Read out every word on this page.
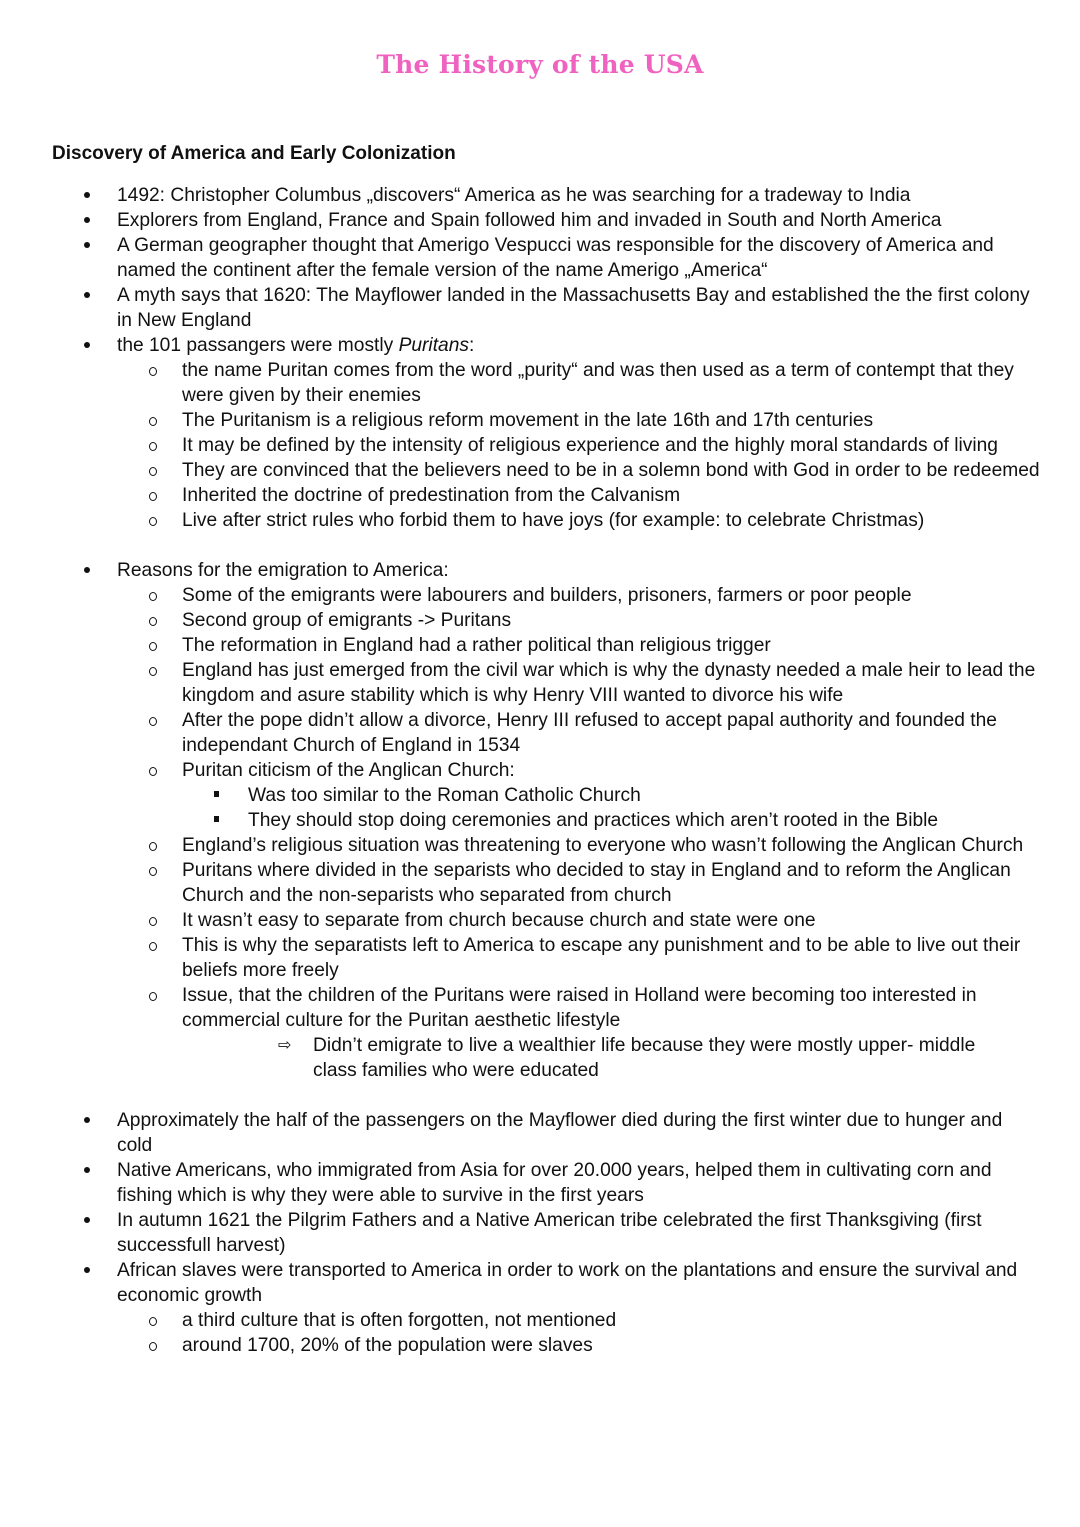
The History of the USA
Discovery of America and Early Colonization
1492: Christopher Columbus „discovers“ America as he was searching for a tradeway to India
Explorers from England, France and Spain followed him and invaded in South and North America
A German geographer thought that Amerigo Vespucci was responsible for the discovery of America and named the continent after the female version of the name Amerigo „America“
A myth says that 1620: The Mayflower landed in the Massachusetts Bay and established the the first colony in New England
the 101 passangers were mostly Puritans:
the name Puritan comes from the word „purity“ and was then used as a term of contempt that they were given by their enemies
The Puritanism is a religious reform movement in the late 16th and 17th centuries
It may be defined by the intensity of religious experience and the highly moral standards of living
They are convinced that the believers need to be in a solemn bond with God in order to be redeemed
Inherited the doctrine of predestination from the Calvanism
Live after strict rules who forbid them to have joys (for example: to celebrate Christmas)
Reasons for the emigration to America:
Some of the emigrants were labourers and builders, prisoners, farmers or poor people
Second group of emigrants -> Puritans
The reformation in England had a rather political than religious trigger
England has just emerged from the civil war which is why the dynasty needed a male heir to lead the kingdom and asure stability which is why Henry VIII wanted to divorce his wife
After the pope didn’t allow a divorce, Henry III refused to accept papal authority and founded the independant Church of England in 1534
Puritan citicism of the Anglican Church:
Was too similar to the Roman Catholic Church
They should stop doing ceremonies and practices which aren’t rooted in the Bible
England’s religious situation was threatening to everyone who wasn’t following the Anglican Church
Puritans where divided in the separists who decided to stay in England and to reform the Anglican Church and the non-separists who separated from church
It wasn’t easy to separate from church because church and state were one
This is why the separatists left to America to escape any punishment and to be able to live out their beliefs more freely
Issue, that the children of the Puritans were raised in Holland were becoming too interested in commercial culture for the Puritan aesthetic lifestyle
⇨ Didn’t emigrate to live a wealthier life because they were mostly upper- middle class families who were educated
Approximately the half of the passengers on the Mayflower died during the first winter due to hunger and cold
Native Americans, who immigrated from Asia for over 20.000 years, helped them in cultivating corn and fishing which is why they were able to survive in the first years
In autumn 1621 the Pilgrim Fathers and a Native American tribe celebrated the first Thanksgiving (first successfull harvest)
African slaves were transported to America in order to work on the plantations and ensure the survival and economic growth
a third culture that is often forgotten, not mentioned
around 1700, 20% of the population were slaves
